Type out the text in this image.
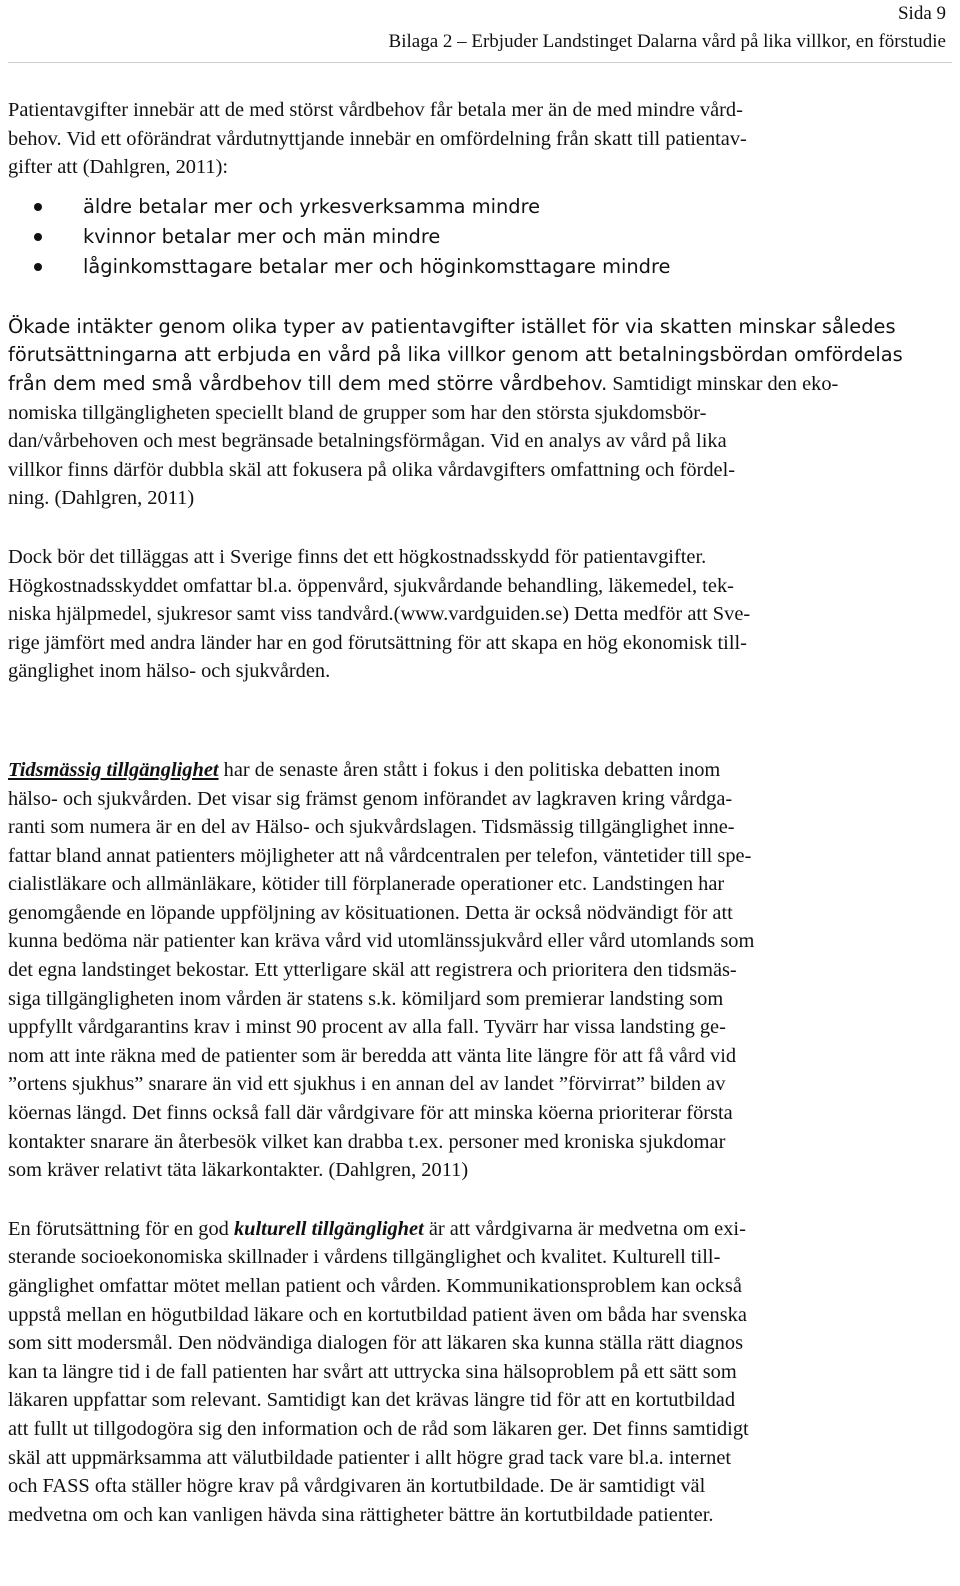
Sida 9
Bilaga 2 – Erbjuder Landstinget Dalarna vård på lika villkor, en förstudie

Patientavgifter innebär att de med störst vårdbehov får betala mer än de med mindre vård-
behov. Vid ett oförändrat vårdutnyttjande innebär en omfördelning från skatt till patientav-
gifter att (Dahlgren, 2011):

äldre betalar mer och yrkesverksamma mindre
kvinnor betalar mer och män mindre
låginkomsttagare betalar mer och höginkomsttagare mindre

Ökade intäkter genom olika typer av patientavgifter istället för via skatten minskar således
förutsättningarna att erbjuda en vård på lika villkor genom att betalningsbördan omfördelas
från dem med små vårdbehov till dem med större vårdbehov. Samtidigt minskar den eko-
nomiska tillgängligheten speciellt bland de grupper som har den största sjukdomsbör-
dan/vårbehoven och mest begränsade betalningsförmågan. Vid en analys av vård på lika
villkor finns därför dubbla skäl att fokusera på olika vårdavgifters omfattning och fördel-
ning. (Dahlgren, 2011)

Dock bör det tilläggas att i Sverige finns det ett högkostnadsskydd för patientavgifter.
Högkostnadsskyddet omfattar bl.a. öppenvård, sjukvårdande behandling, läkemedel, tek-
niska hjälpmedel, sjukresor samt viss tandvård.(www.vardguiden.se) Detta medför att Sve-
rige jämfört med andra länder har en god förutsättning för att skapa en hög ekonomisk till-
gänglighet inom hälso- och sjukvården.

Tidsmässig tillgänglighet har de senaste åren stått i fokus i den politiska debatten inom
hälso- och sjukvården. Det visar sig främst genom införandet av lagkraven kring vårdga-
ranti som numera är en del av Hälso- och sjukvårdslagen. Tidsmässig tillgänglighet inne-
fattar bland annat patienters möjligheter att nå vårdcentralen per telefon, väntetider till spe-
cialistläkare och allmänläkare, kötider till förplanerade operationer etc. Landstingen har
genomgående en löpande uppföljning av kösituationen. Detta är också nödvändigt för att
kunna bedöma när patienter kan kräva vård vid utomlänssjukvård eller vård utomlands som
det egna landstinget bekostar. Ett ytterligare skäl att registrera och prioritera den tidsmäs-
siga tillgängligheten inom vården är statens s.k. kömiljard som premierar landsting som
uppfyllt vårdgarantins krav i minst 90 procent av alla fall. Tyvärr har vissa landsting ge-
nom att inte räkna med de patienter som är beredda att vänta lite längre för att få vård vid
”ortens sjukhus” snarare än vid ett sjukhus i en annan del av landet ”förvirrat” bilden av
köernas längd. Det finns också fall där vårdgivare för att minska köerna prioriterar första
kontakter snarare än återbesök vilket kan drabba t.ex. personer med kroniska sjukdomar
som kräver relativt täta läkarkontakter. (Dahlgren, 2011)

En förutsättning för en god kulturell tillgänglighet är att vårdgivarna är medvetna om exi-
sterande socioekonomiska skillnader i vårdens tillgänglighet och kvalitet. Kulturell till-
gänglighet omfattar mötet mellan patient och vården. Kommunikationsproblem kan också
uppstå mellan en högutbildad läkare och en kortutbildad patient även om båda har svenska
som sitt modersmål. Den nödvändiga dialogen för att läkaren ska kunna ställa rätt diagnos
kan ta längre tid i de fall patienten har svårt att uttrycka sina hälsoproblem på ett sätt som
läkaren uppfattar som relevant. Samtidigt kan det krävas längre tid för att en kortutbildad
att fullt ut tillgodogöra sig den information och de råd som läkaren ger. Det finns samtidigt
skäl att uppmärksamma att välutbildade patienter i allt högre grad tack vare bl.a. internet
och FASS ofta ställer högre krav på vårdgivaren än kortutbildade. De är samtidigt väl
medvetna om och kan vanligen hävda sina rättigheter bättre än kortutbildade patienter.
